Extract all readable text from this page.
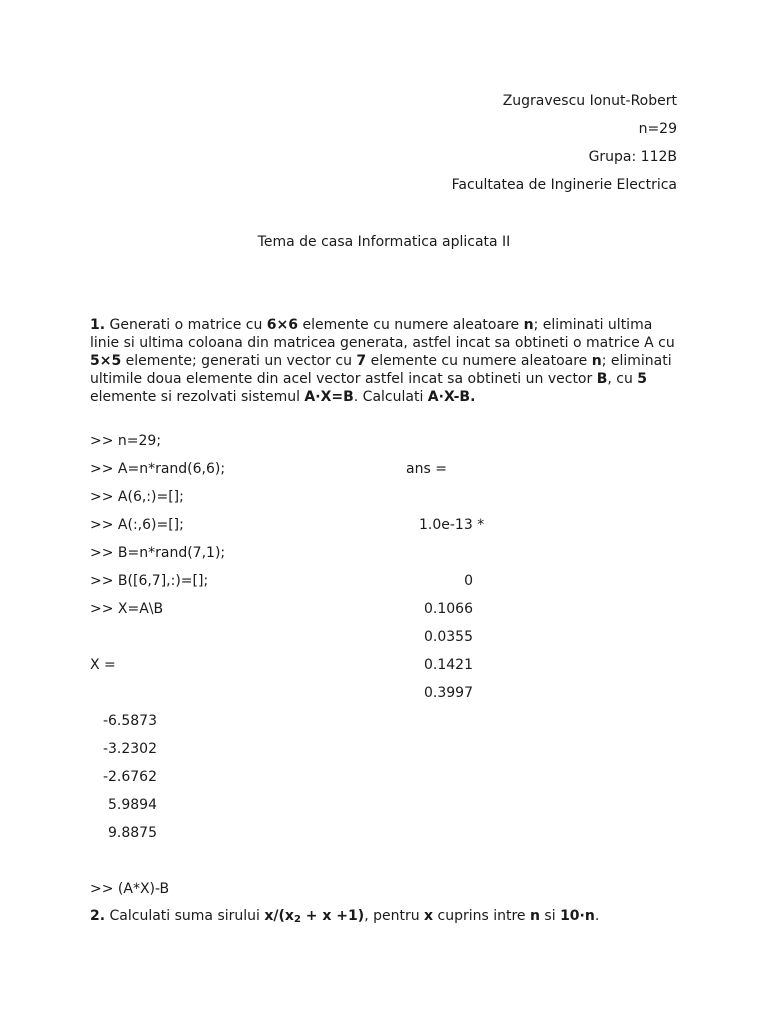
Zugravescu Ionut-Robert
n=29
Grupa: 112B
Facultatea de Inginerie Electrica
Tema de casa Informatica aplicata II
1. Generati o matrice cu 6×6 elemente cu numere aleatoare n; eliminati ultima linie si ultima coloana din matricea generata, astfel incat sa obtineti o matrice A cu 5×5 elemente; generati un vector cu 7 elemente cu numere aleatoare n; eliminati ultimile doua elemente din acel vector astfel incat sa obtineti un vector B, cu 5 elemente si rezolvati sistemul A·X=B. Calculati A·X-B.
>> n=29;
>> A=n*rand(6,6);
>> A(6,:)=[];
>> A(:,6)=[];
>> B=n*rand(7,1);
>> B([6,7],:)=[];
>> X=A\B
X =
-6.5873
-3.2302
-2.6762
5.9894
9.8875
ans =
1.0e-13 *
0
0.1066
0.0355
0.1421
0.3997
>> (A*X)-B
2. Calculati suma sirului $x/(x_2 + x +1)$, pentru x cuprins intre n si 10·n.
